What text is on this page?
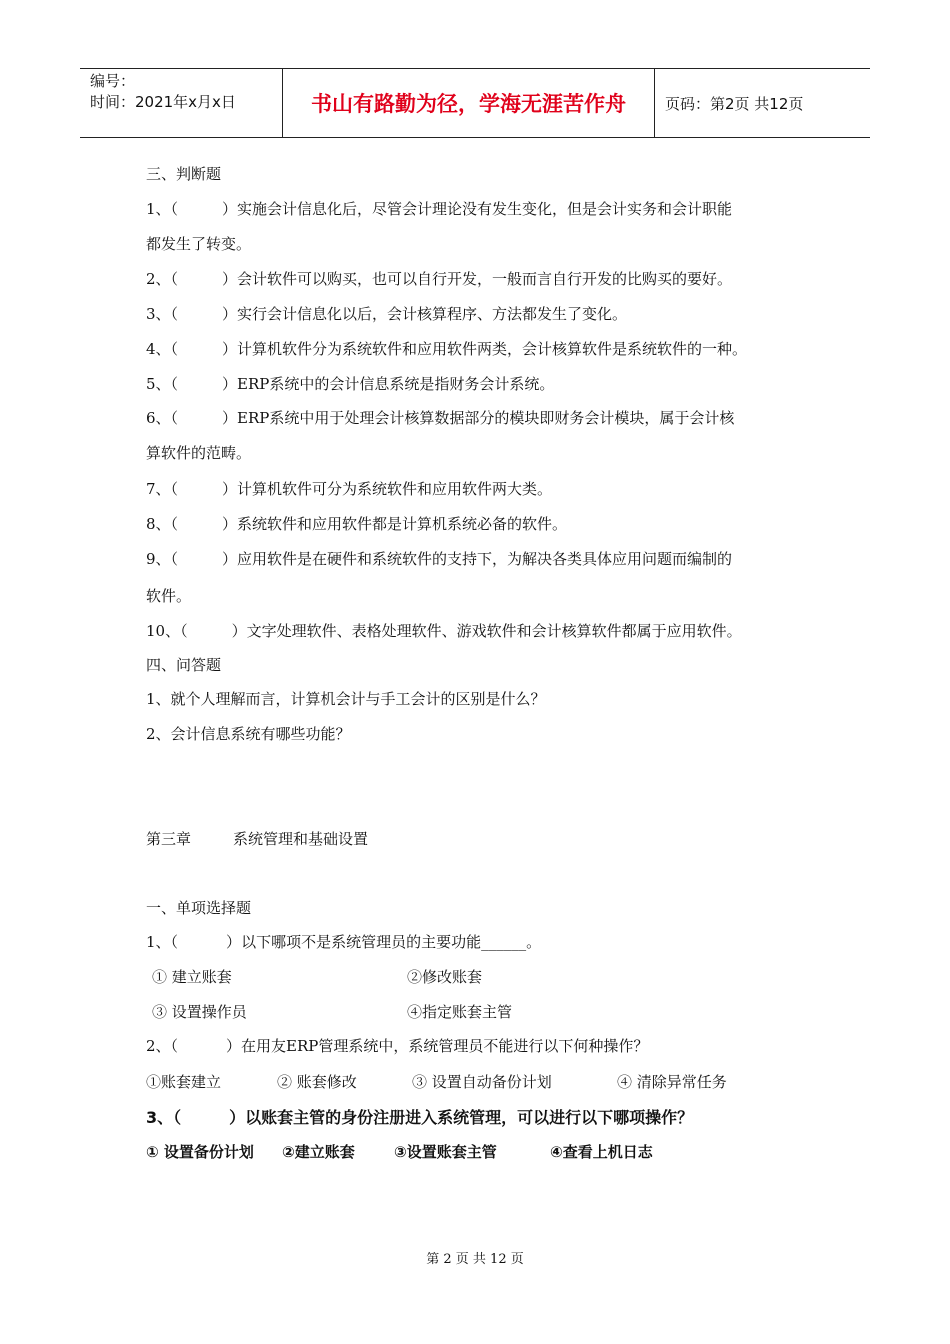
编号：
时间：2021年x月x日	书山有路勤为径，学海无涯苦作舟	页码：第2页 共12页
三、判断题
1、（	）实施会计信息化后，尽管会计理论没有发生变化，但是会计实务和会计职能
都发生了转变。
2、（	）会计软件可以购买，也可以自行开发，一般而言自行开发的比购买的要好。
3、（	）实行会计信息化以后，会计核算程序、方法都发生了变化。
4、（	）计算机软件分为系统软件和应用软件两类，会计核算软件是系统软件的一种。
5、（	）ERP系统中的会计信息系统是指财务会计系统。
6、（	）ERP系统中用于处理会计核算数据部分的模块即财务会计模块，属于会计核
算软件的范畴。
7、（	）计算机软件可分为系统软件和应用软件两大类。
8、（	）系统软件和应用软件都是计算机系统必备的软件。
9、（	）应用软件是在硬件和系统软件的支持下，为解决各类具体应用问题而编制的
软件。
10、（	）文字处理软件、表格处理软件、游戏软件和会计核算软件都属于应用软件。
四、问答题
1、就个人理解而言，计算机会计与手工会计的区别是什么？
2、会计信息系统有哪些功能？
第三章	系统管理和基础设置
一、单项选择题
1、（	）以下哪项不是系统管理员的主要功能______。
① 建立账套	②修改账套
③ 设置操作员	④指定账套主管
2、（	）在用友ERP管理系统中，系统管理员不能进行以下何种操作？
①账套建立	② 账套修改	③ 设置自动备份计划	④ 清除异常任务
3、（	）以账套主管的身份注册进入系统管理，可以进行以下哪项操作？
① 设置备份计划 ②建立账套	③设置账套主管	④查看上机日志
第 2 页 共 12 页
